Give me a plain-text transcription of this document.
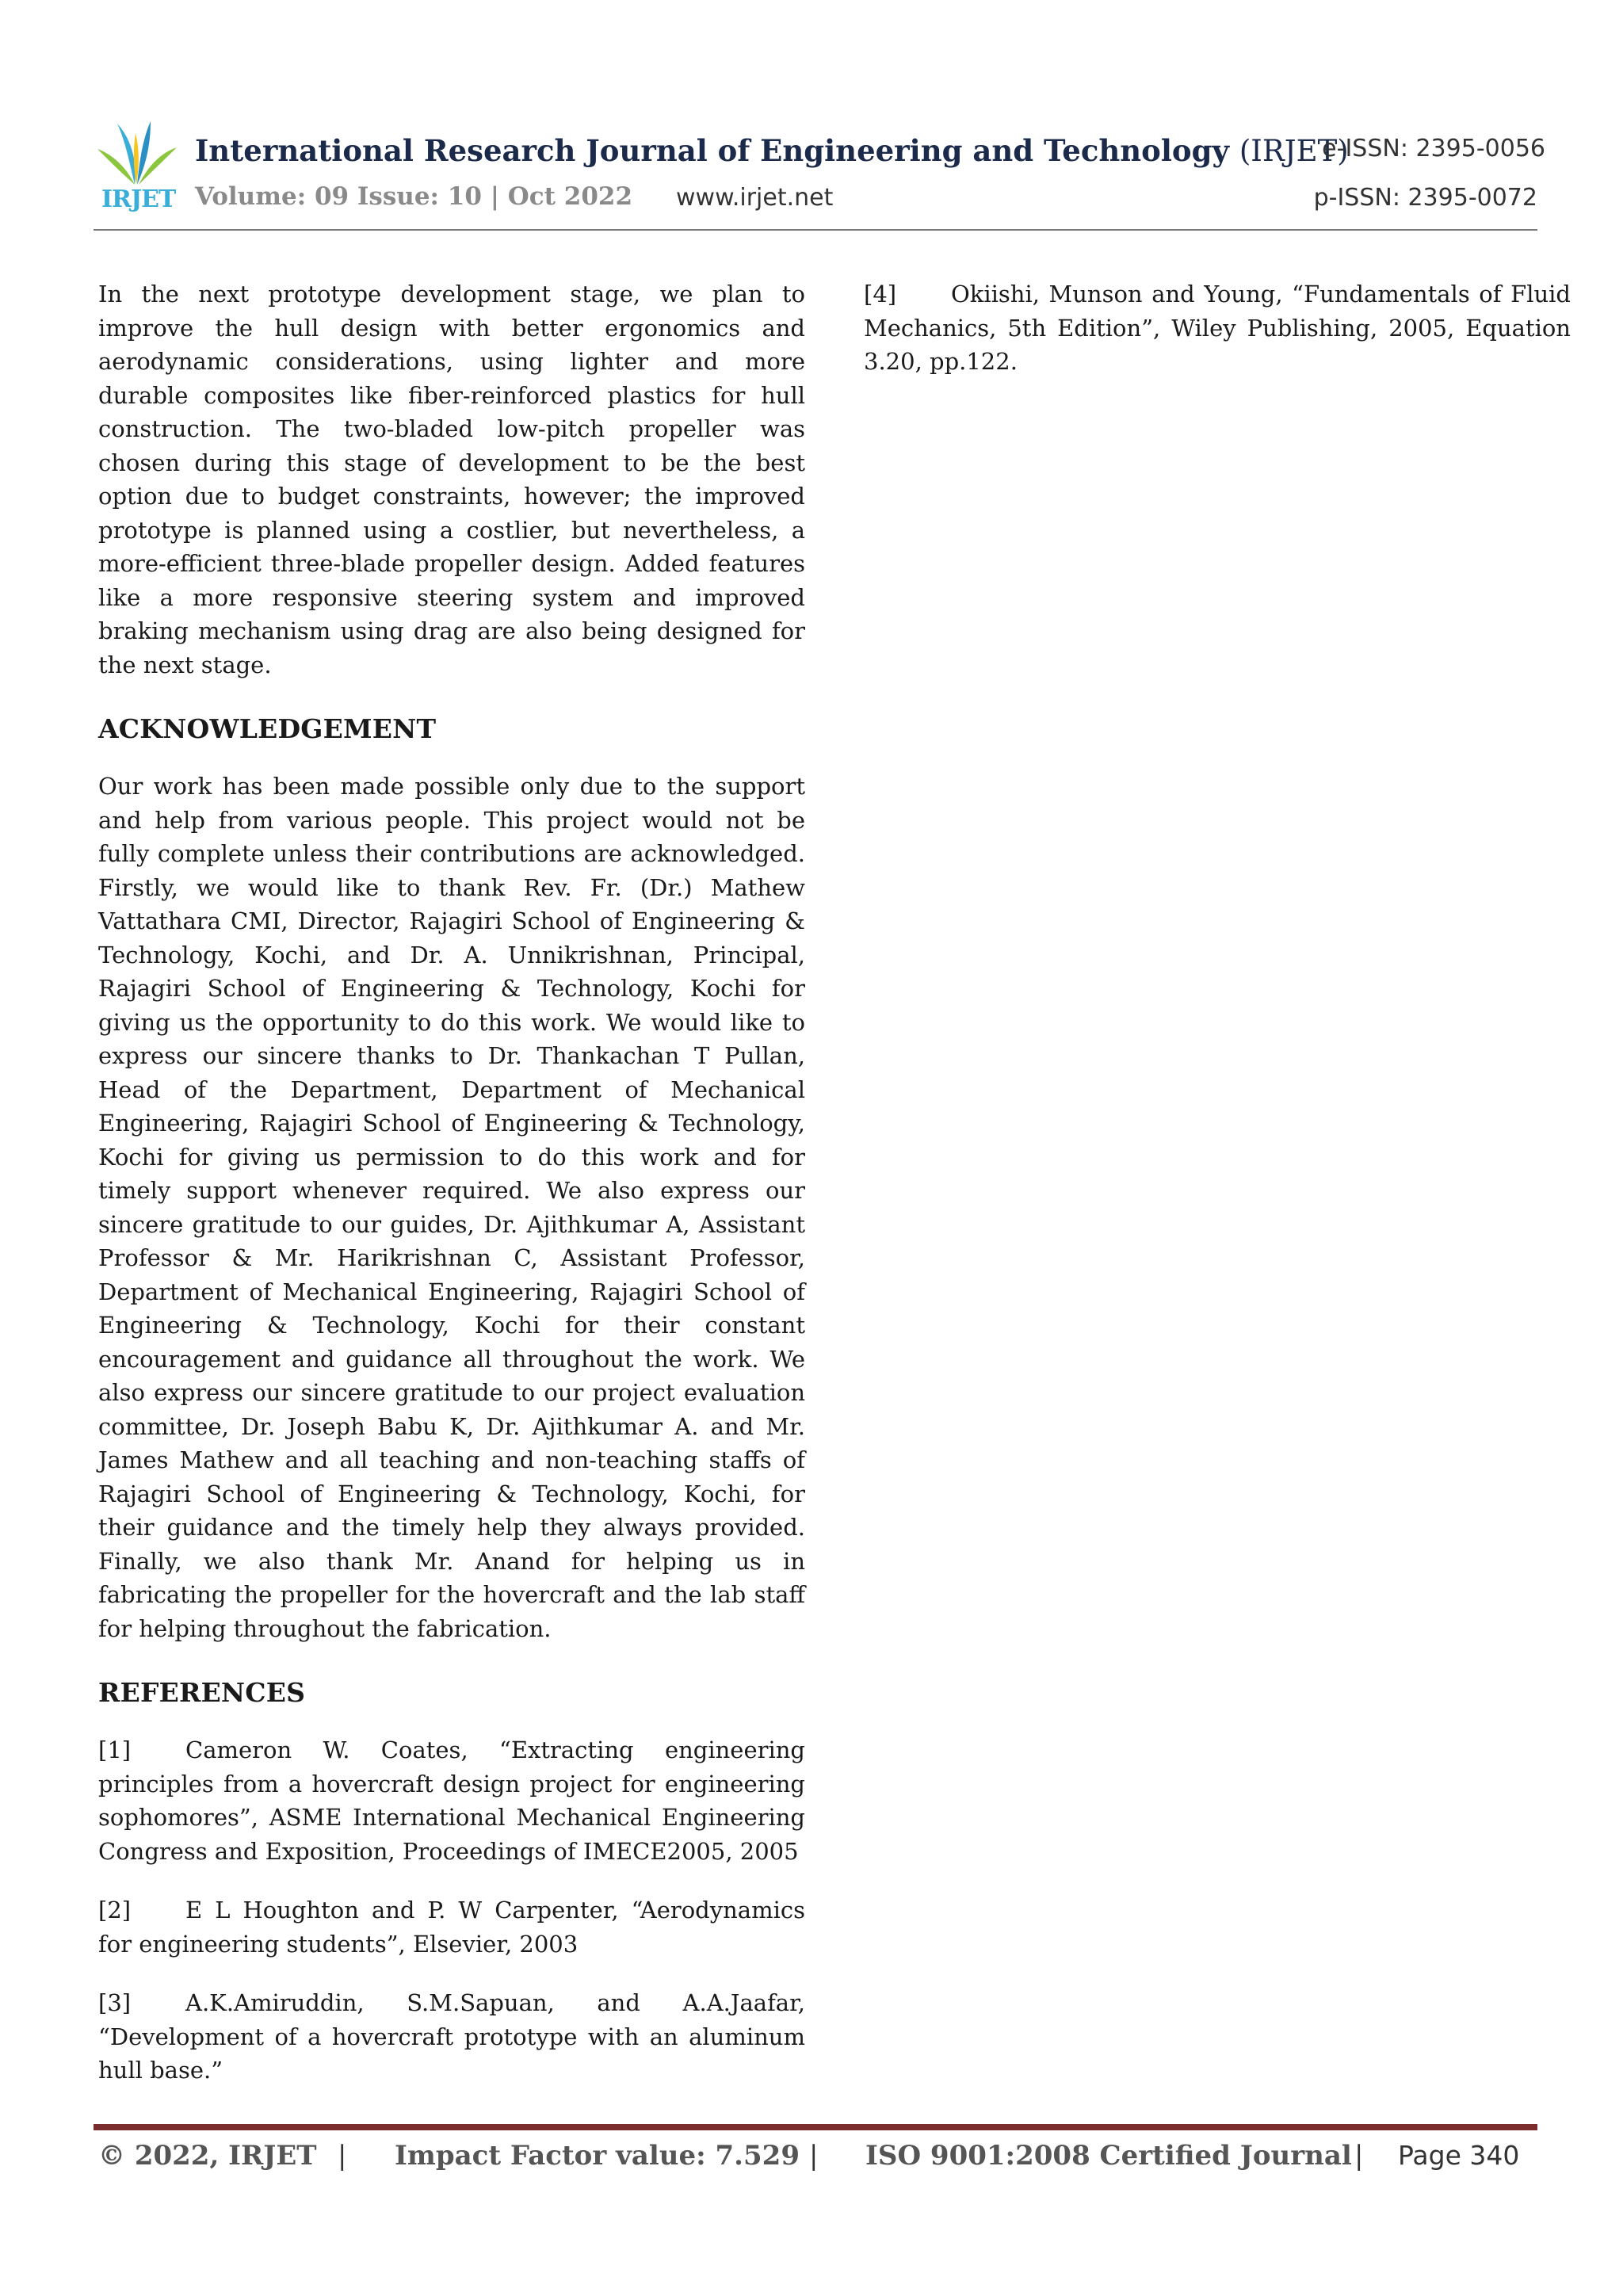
IRJET
International Research Journal of Engineering and Technology (IRJET)
Volume: 09 Issue: 10 | Oct 2022 www.irjet.net
e-ISSN: 2395-0056
p-ISSN: 2395-0072

In the next prototype development stage, we plan to improve the hull design with better ergonomics and aerodynamic considerations, using lighter and more durable composites like fiber-reinforced plastics for hull construction. The two-bladed low-pitch propeller was chosen during this stage of development to be the best option due to budget constraints, however; the improved prototype is planned using a costlier, but nevertheless, a more-efficient three-blade propeller design. Added features like a more responsive steering system and improved braking mechanism using drag are also being designed for the next stage.

ACKNOWLEDGEMENT

Our work has been made possible only due to the support and help from various people. This project would not be fully complete unless their contributions are acknowledged. Firstly, we would like to thank Rev. Fr. (Dr.) Mathew Vattathara CMI, Director, Rajagiri School of Engineering & Technology, Kochi, and Dr. A. Unnikrishnan, Principal, Rajagiri School of Engineering & Technology, Kochi for giving us the opportunity to do this work. We would like to express our sincere thanks to Dr. Thankachan T Pullan, Head of the Department, Department of Mechanical Engineering, Rajagiri School of Engineering & Technology, Kochi for giving us permission to do this work and for timely support whenever required. We also express our sincere gratitude to our guides, Dr. Ajithkumar A, Assistant Professor & Mr. Harikrishnan C, Assistant Professor, Department of Mechanical Engineering, Rajagiri School of Engineering & Technology, Kochi for their constant encouragement and guidance all throughout the work. We also express our sincere gratitude to our project evaluation committee, Dr. Joseph Babu K, Dr. Ajithkumar A. and Mr. James Mathew and all teaching and non-teaching staffs of Rajagiri School of Engineering & Technology, Kochi, for their guidance and the timely help they always provided. Finally, we also thank Mr. Anand for helping us in fabricating the propeller for the hovercraft and the lab staff for helping throughout the fabrication.

REFERENCES

[1] Cameron W. Coates, “Extracting engineering principles from a hovercraft design project for engineering sophomores”, ASME International Mechanical Engineering Congress and Exposition, Proceedings of IMECE2005, 2005

[2] E L Houghton and P. W Carpenter, “Aerodynamics for engineering students”, Elsevier, 2003

[3] A.K.Amiruddin, S.M.Sapuan, and A.A.Jaafar, “Development of a hovercraft prototype with an aluminum hull base.”

[4] Okiishi, Munson and Young, “Fundamentals of Fluid Mechanics, 5th Edition”, Wiley Publishing, 2005, Equation 3.20, pp.122.

© 2022, IRJET | Impact Factor value: 7.529 | ISO 9001:2008 Certified Journal | Page 340
